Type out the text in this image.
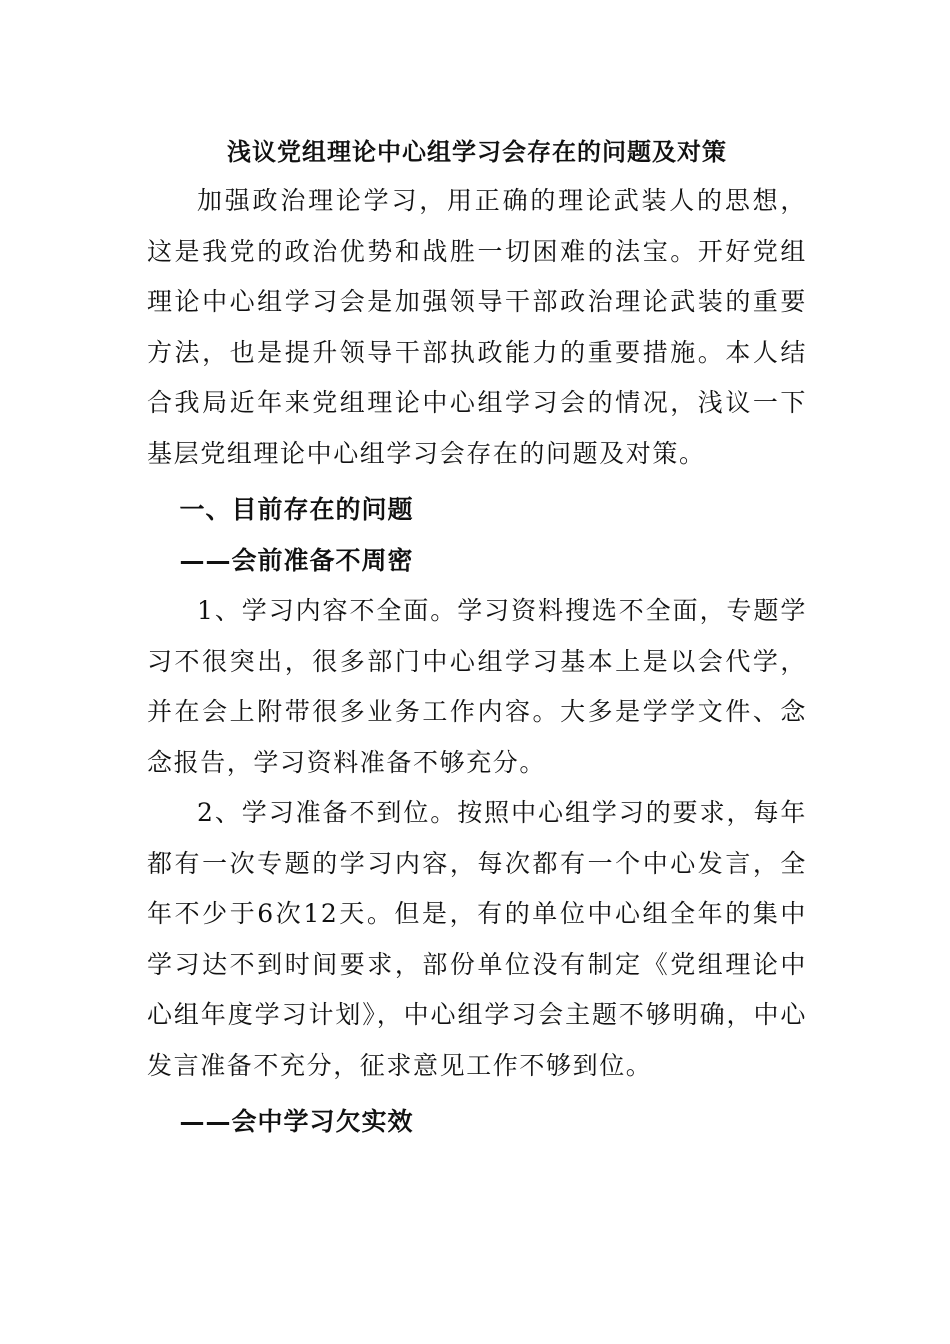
浅议党组理论中心组学习会存在的问题及对策

加强政治理论学习，用正确的理论武装人的思想，这是我党的政治优势和战胜一切困难的法宝。开好党组理论中心组学习会是加强领导干部政治理论武装的重要方法，也是提升领导干部执政能力的重要措施。本人结合我局近年来党组理论中心组学习会的情况，浅议一下基层党组理论中心组学习会存在的问题及对策。

一、目前存在的问题

——会前准备不周密

1、学习内容不全面。学习资料搜选不全面，专题学习不很突出，很多部门中心组学习基本上是以会代学，并在会上附带很多业务工作内容。大多是学学文件、念念报告，学习资料准备不够充分。

2、学习准备不到位。按照中心组学习的要求，每年都有一次专题的学习内容，每次都有一个中心发言，全年不少于6次12天。但是，有的单位中心组全年的集中学习达不到时间要求，部份单位没有制定《党组理论中心组年度学习计划》，中心组学习会主题不够明确，中心发言准备不充分，征求意见工作不够到位。

——会中学习欠实效
